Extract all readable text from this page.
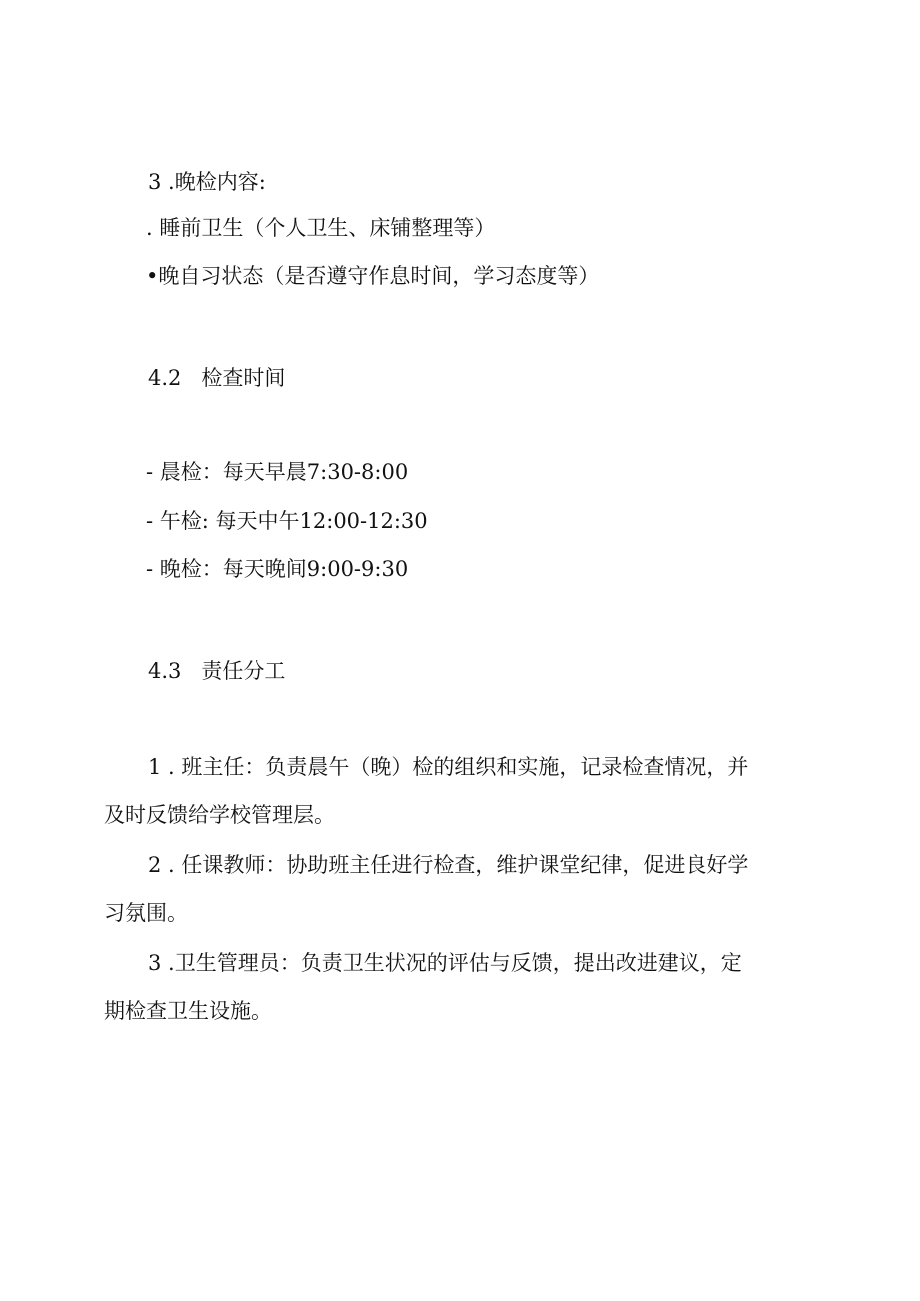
3 .晚检内容:
. 睡前卫生（个人卫生、床铺整理等）
•晚自习状态（是否遵守作息时间，学习态度等）
4.2   检查时间
- 晨检：每天早晨7:30-8:00
- 午检: 每天中午12:00-12:30
- 晚检：每天晚间9:00-9:30
4.3   责任分工
1 . 班主任：负责晨午（晚）检的组织和实施，记录检查情况，并
及时反馈给学校管理层。
2 . 任课教师：协助班主任进行检查，维护课堂纪律，促进良好学
习氛围。
3 .卫生管理员：负责卫生状况的评估与反馈，提出改进建议，定
期检查卫生设施。
